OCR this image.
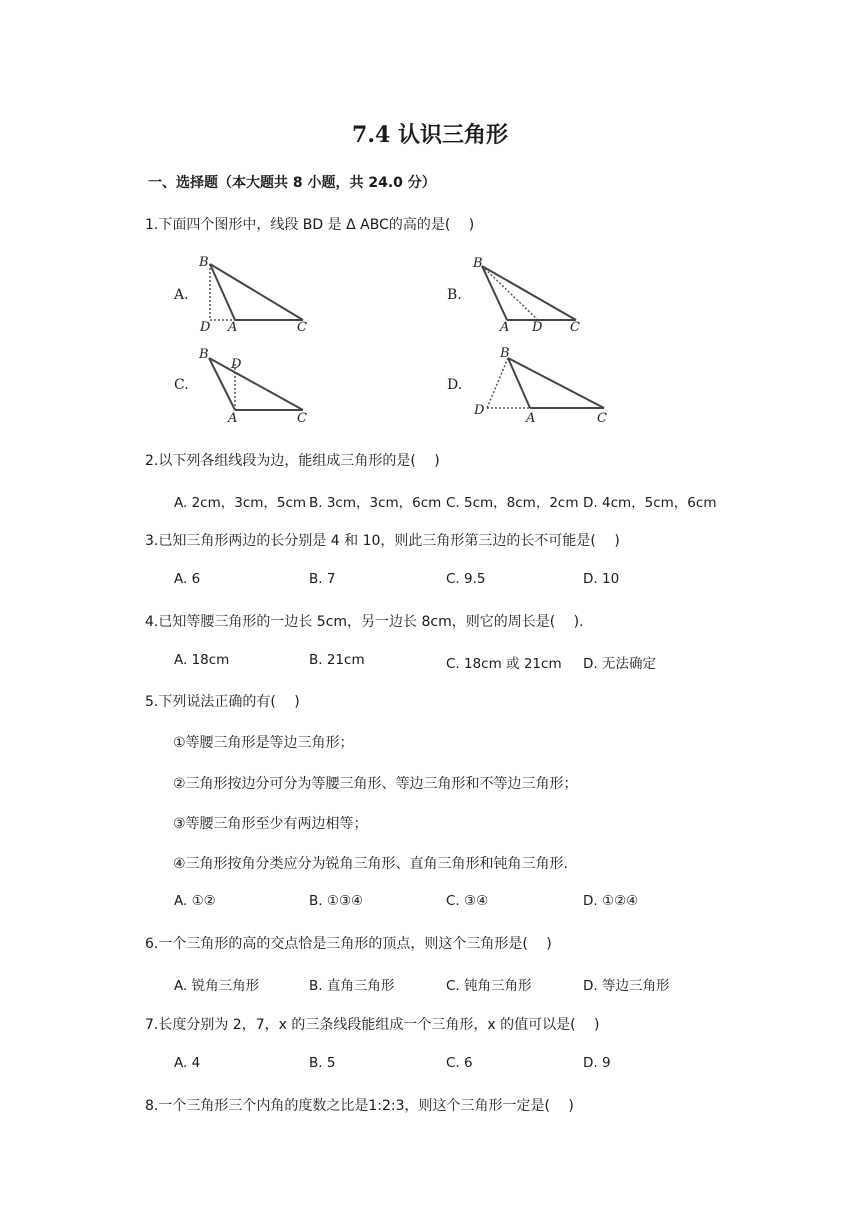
7.4 认识三角形
一、选择题（本大题共 8 小题，共 24.0 分）
1.下面四个图形中，线段 BD 是 Δ ABC的高的是(　 )
A.
B
D A	C
B.
B
A D C
C.
B
D
A	C
D.
B
D
A	C
2.以下列各组线段为边，能组成三角形的是(　 )
A. 2cm，3cm，5cm B. 3cm，3cm，6cm C. 5cm，8cm，2cm D. 4cm，5cm，6cm
3.已知三角形两边的长分别是 4 和 10，则此三角形第三边的长不可能是(　 )
A. 6	B. 7	C. 9.5	D. 10
4.已知等腰三角形的一边长 5cm，另一边长 8cm，则它的周长是(　 ).
A. 18cm	B. 21cm	C. 18cm 或 21cm D. 无法确定
5.下列说法正确的有(　 )
①等腰三角形是等边三角形；
②三角形按边分可分为等腰三角形、等边三角形和不等边三角形；
③等腰三角形至少有两边相等；
④三角形按角分类应分为锐角三角形、直角三角形和钝角三角形.
A. ①②	B. ①③④	C. ③④	D. ①②④
6.一个三角形的高的交点恰是三角形的顶点，则这个三角形是(　 )
A. 锐角三角形	B. 直角三角形	C. 钝角三角形	D. 等边三角形
7.长度分别为 2，7，x 的三条线段能组成一个三角形，x 的值可以是(　 )
A. 4	B. 5	C. 6	D. 9
8.一个三角形三个内角的度数之比是1:2:3，则这个三角形一定是(　 )
